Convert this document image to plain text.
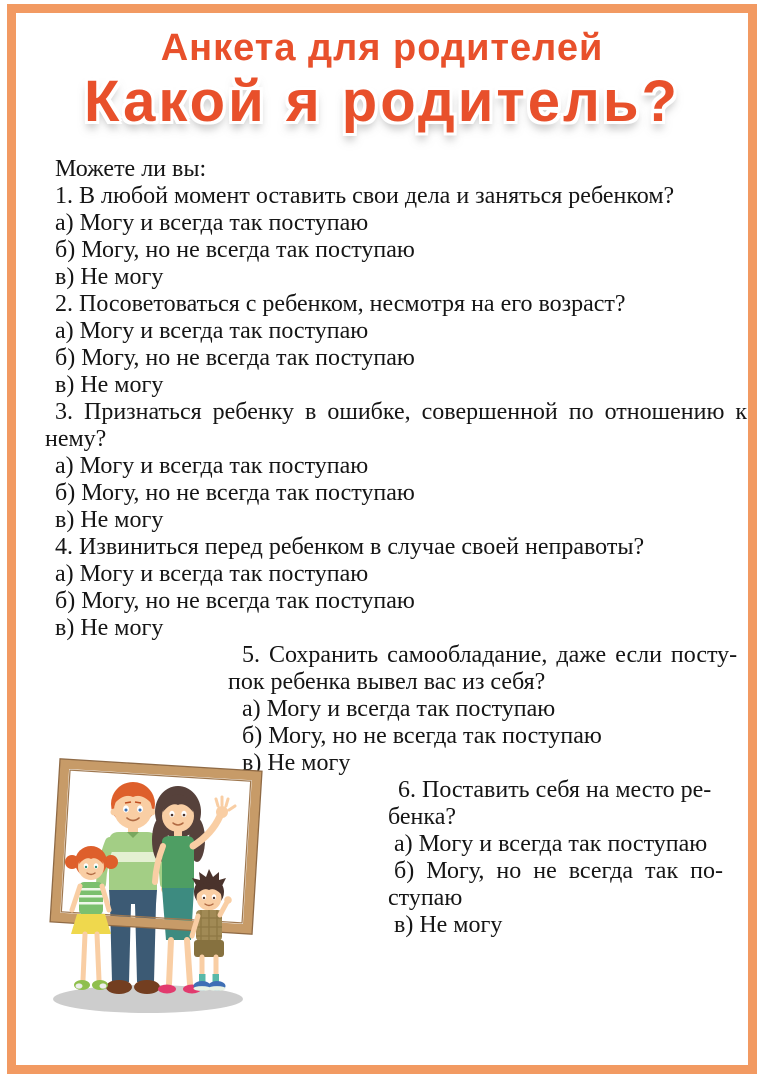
Анкета для родителей
Какой я родитель?
Можете ли вы:
1. В любой момент оставить свои дела и заняться ребенком?
а) Могу и всегда так поступаю
б) Могу, но не всегда так поступаю
в) Не могу
2. Посоветоваться с ребенком, несмотря на его возраст?
а) Могу и всегда так поступаю
б) Могу, но не всегда так поступаю
в) Не могу
3. Признаться ребенку в ошибке, совершенной по отношению к
нему?
а) Могу и всегда так поступаю
б) Могу, но не всегда так поступаю
в) Не могу
4. Извиниться перед ребенком в случае своей неправоты?
а) Могу и всегда так поступаю
б) Могу, но не всегда так поступаю
в) Не могу
5. Сохранить самообладание, даже если посту-
пок ребенка вывел вас из себя?
а) Могу и всегда так поступаю
б) Могу, но не всегда так поступаю
в) Не могу
6. Поставить себя на место ре-
бенка?
а) Могу и всегда так поступаю
б) Могу, но не всегда так по-
ступаю
в) Не могу
